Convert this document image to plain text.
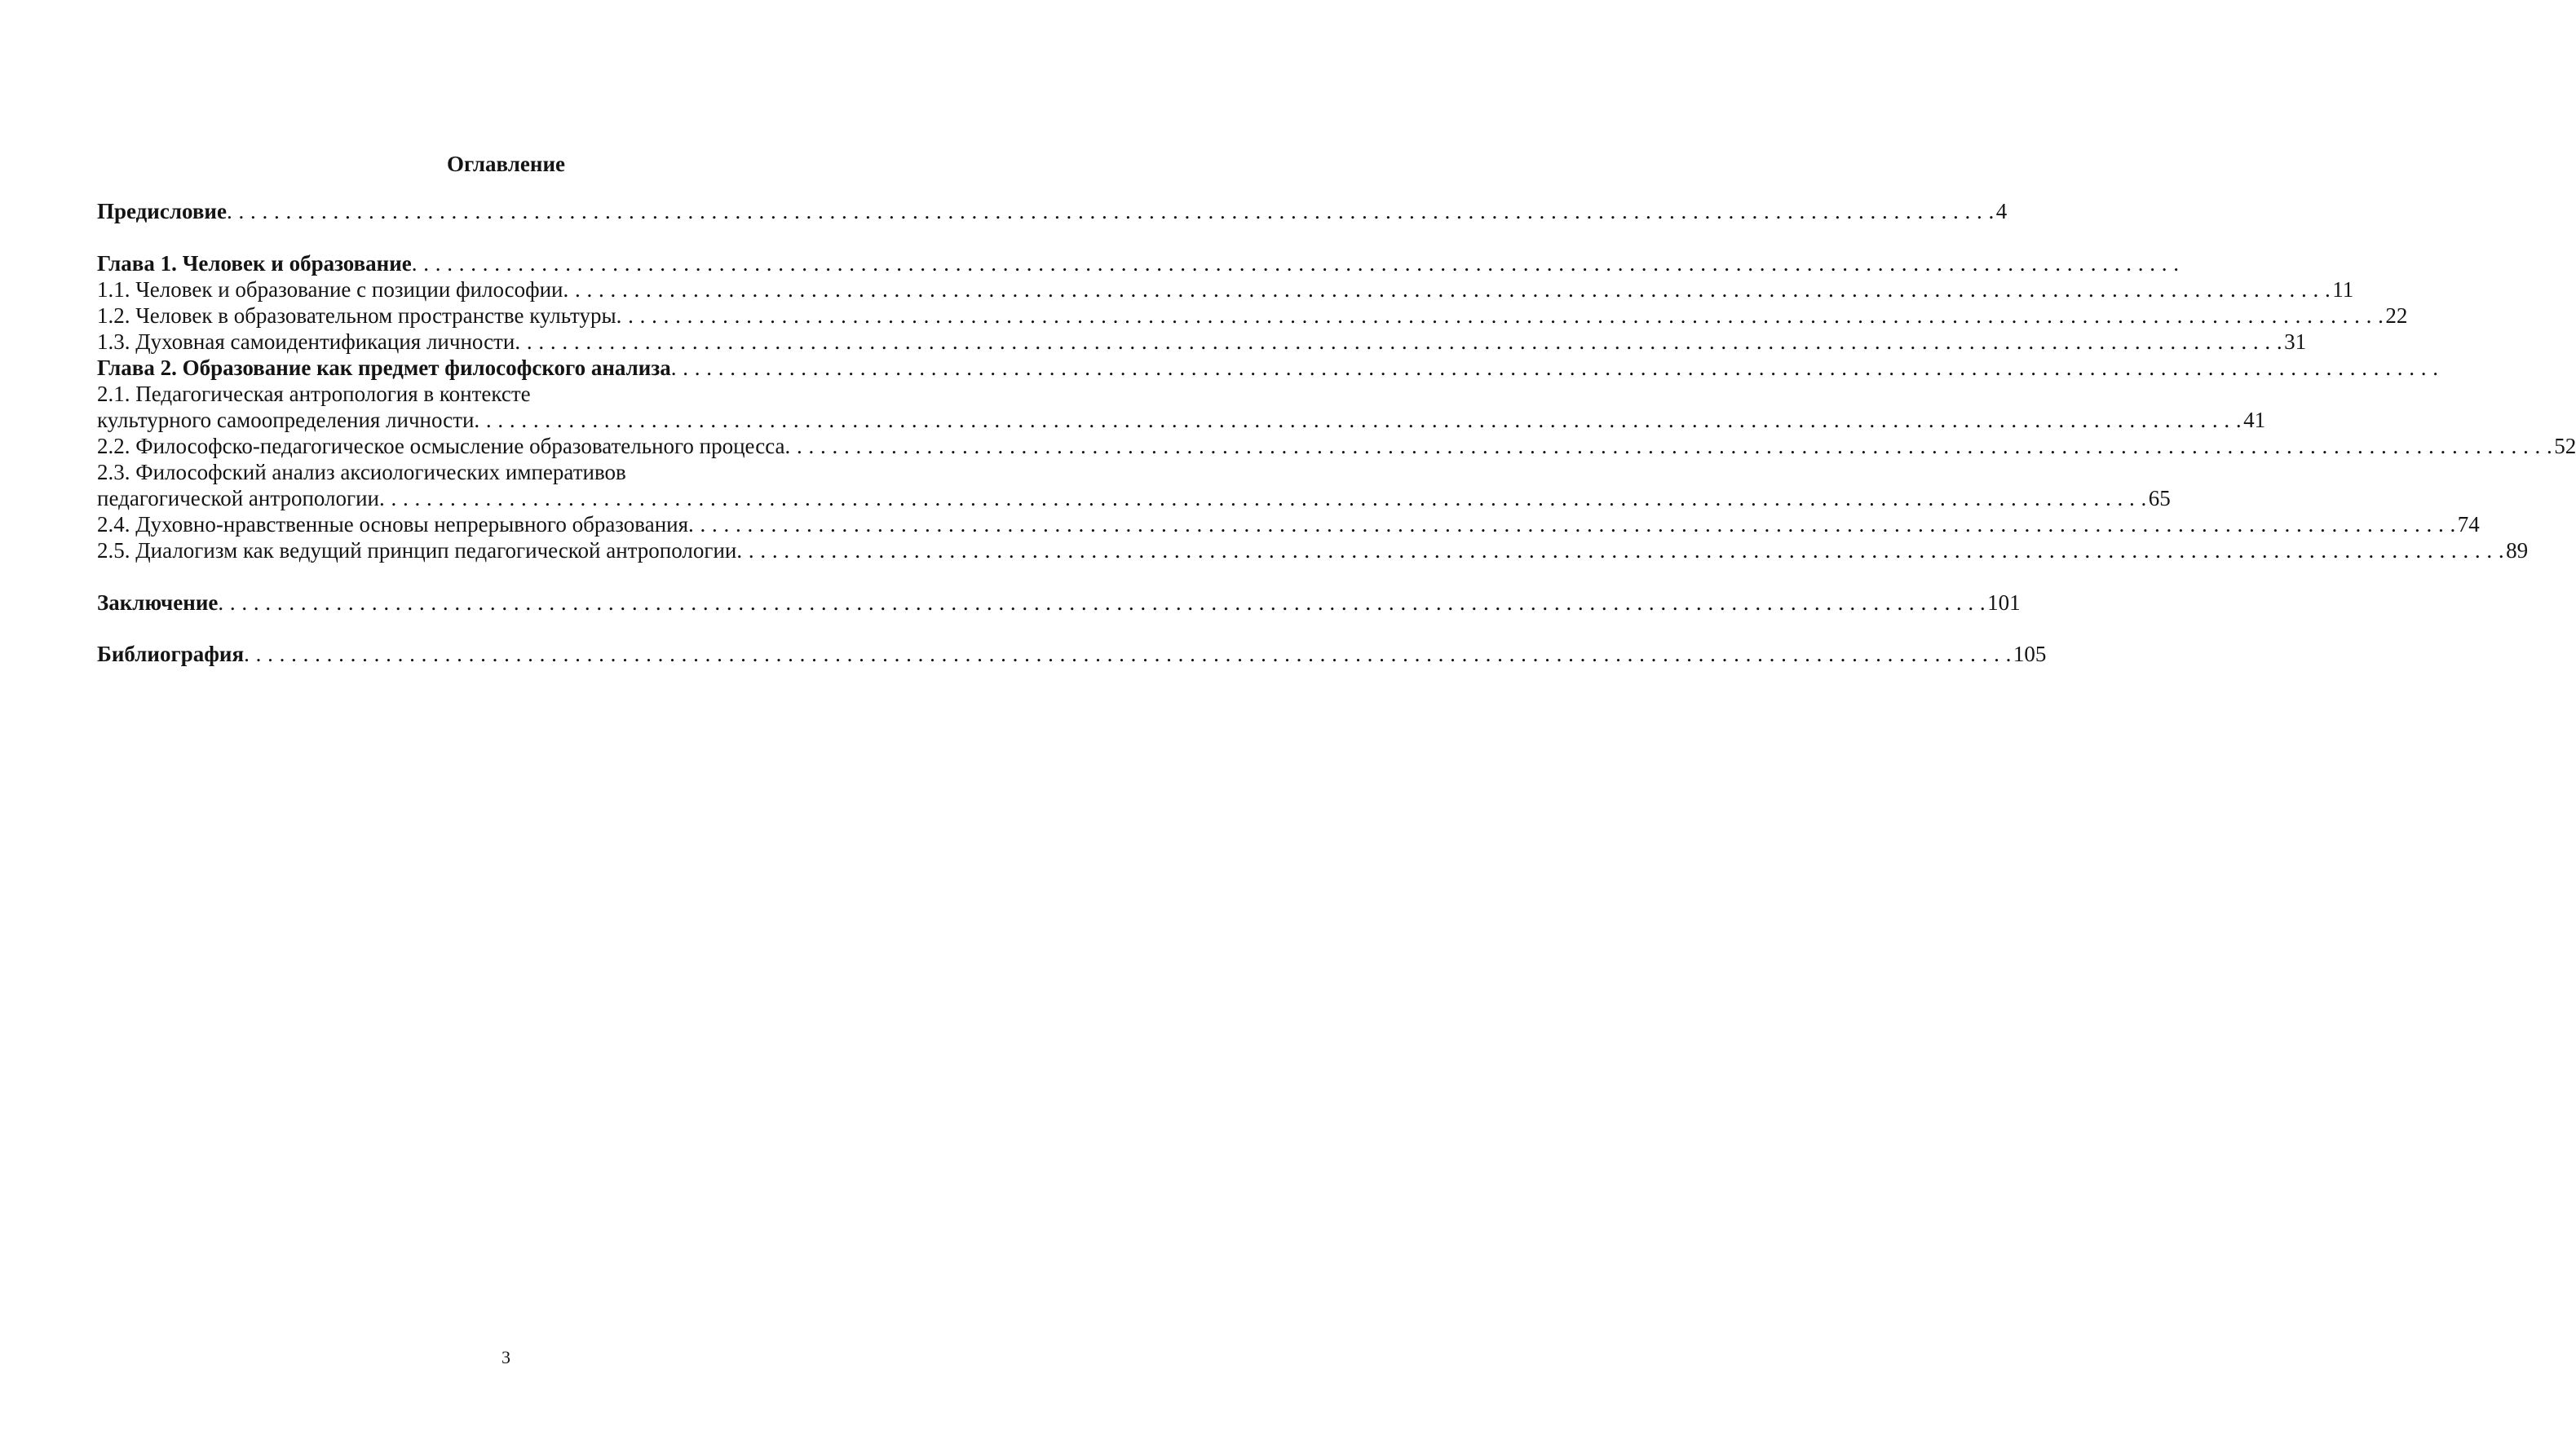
Оглавление
Предисловие . . .	4
Глава 1. Человек и образование
. . .
1.1. Человек и образование с позиции философии . . .	11
1.2. Человек в образовательном пространстве культуры . . .	22
1.3. Духовная самоидентификация личности . . .	31
Глава 2. Образование как предмет философского анализа
. . .
2.1. Педагогическая антропология в контексте
культурного самоопределения личности . . .	41
2.2. Философско-педагогическое осмысление образовательного процесса . . .	52
2.3. Философский анализ аксиологических императивов
педагогической антропологии . . .	65
2.4. Духовно-нравственные основы непрерывного образования . . .	74
2.5. Диалогизм как ведущий принцип педагогической антропологии . . .	89
Заключение . . .	101
Библиография . . .	105
3
